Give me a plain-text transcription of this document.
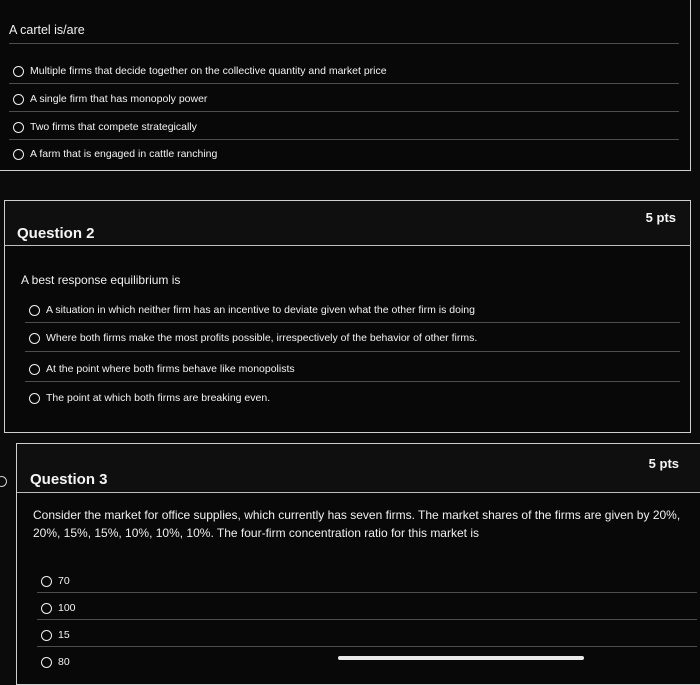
A cartel is/are
Multiple firms that decide together on the collective quantity and market price
A single firm that has monopoly power
Two firms that compete strategically
A farm that is engaged in cattle ranching
Question 2
5 pts
A best response equilibrium is
A situation in which neither firm has an incentive to deviate given what the other firm is doing
Where both firms make the most profits possible, irrespectively of the behavior of other firms.
At the point where both firms behave like monopolists
The point at which both firms are breaking even.
Question 3
5 pts
Consider the market for office supplies, which currently has seven firms. The market shares of the firms are given by 20%, 20%, 15%, 15%, 10%, 10%, 10%. The four-firm concentration ratio for this market is
70
100
15
80
